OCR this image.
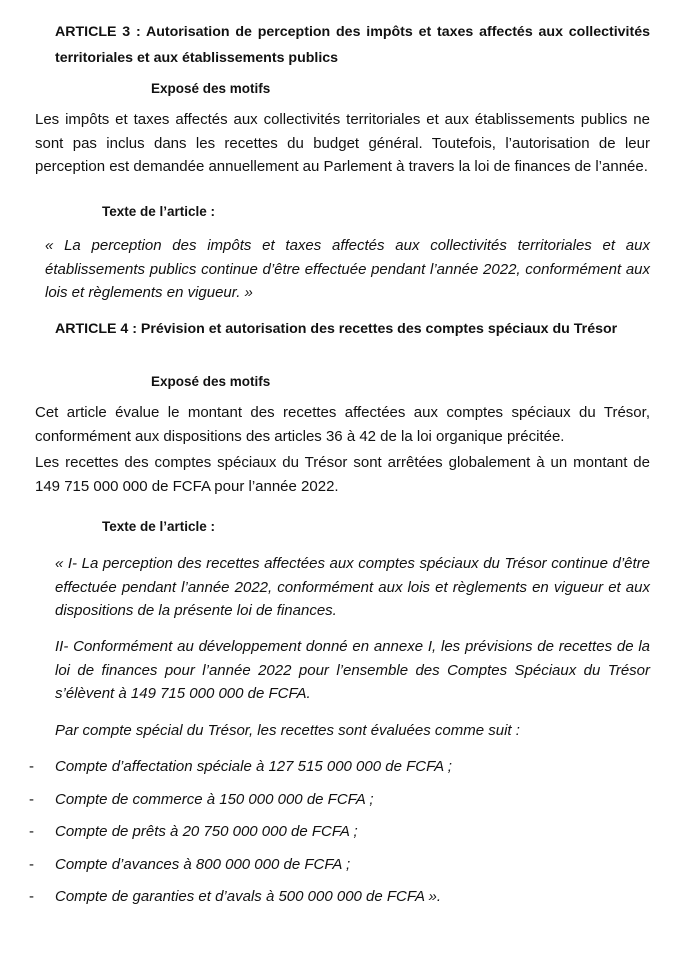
ARTICLE 3 : Autorisation de perception des impôts et taxes affectés aux collectivités territoriales et aux établissements publics
Exposé des motifs
Les impôts et taxes affectés aux collectivités territoriales et aux établissements publics ne sont pas inclus dans les recettes du budget général. Toutefois, l’autorisation de leur perception est demandée annuellement au Parlement à travers la loi de finances de l’année.
Texte de l’article :
« La perception des impôts et taxes affectés aux collectivités territoriales et aux établissements publics continue d’être effectuée pendant l’année 2022, conformément aux lois et règlements en vigueur. »
ARTICLE 4 : Prévision et autorisation des recettes des comptes spéciaux du Trésor
Exposé des motifs
Cet article évalue le montant des recettes affectées aux comptes spéciaux du Trésor, conformément aux dispositions des articles 36 à 42 de la loi organique précitée.
Les recettes des comptes spéciaux du Trésor sont arrêtées globalement à un montant de 149 715 000 000 de FCFA pour l’année 2022.
Texte de l’article :
« I- La perception des recettes affectées aux comptes spéciaux du Trésor continue d’être effectuée pendant l’année 2022, conformément aux lois et règlements en vigueur et aux dispositions de la présente loi de finances.
II- Conformément au développement donné en annexe I, les prévisions de recettes de la loi de finances pour l’année 2022 pour l’ensemble des Comptes Spéciaux du Trésor s’élèvent à 149 715 000 000 de FCFA.
Par compte spécial du Trésor, les recettes sont évaluées comme suit :
- Compte d’affectation spéciale à 127 515 000 000 de FCFA ;
- Compte de commerce à 150 000 000 de FCFA ;
- Compte de prêts à 20 750 000 000 de FCFA ;
- Compte d’avances à 800 000 000 de FCFA ;
- Compte de garanties et d’avals à 500 000 000 de FCFA ».
